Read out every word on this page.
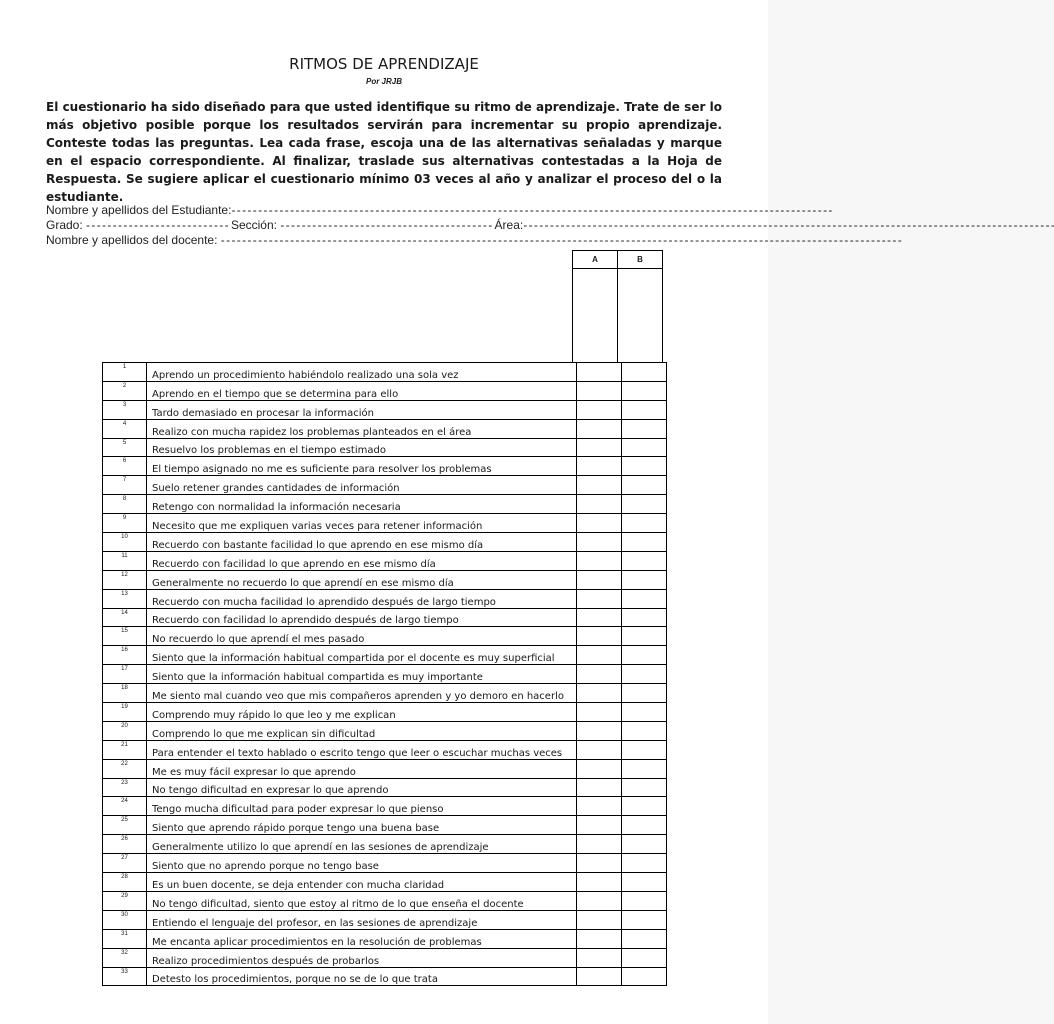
RITMOS DE APRENDIZAJE
Por JRJB
El cuestionario ha sido diseñado para que usted identifique su ritmo de aprendizaje. Trate de ser lo más objetivo posible porque los resultados servirán para incrementar su propio aprendizaje. Conteste todas las preguntas. Lea cada frase, escoja una de las alternativas señaladas y marque en el espacio correspondiente. Al finalizar, traslade sus alternativas contestadas a la Hoja de Respuesta. Se sugiere aplicar el cuestionario mínimo 03 veces al año y analizar el proceso del o la estudiante.
Nombre y apellidos del Estudiante:- - - - - - - - - - - - - - - - - - - - - - - - - - - - - - - - - - - - - - - - - - - - - - - - - - - - - - - - - - - - - - - - - - - - - - - - - - - - - - - - - - - - - - - - - - - - - - - - - - - - - - - - - - - - - - - - -
Grado: - - - - - - - - - - - - - - - - - - - - - - - - - - - Sección: - - - - - - - - - - - - - - - - - - - - - - - - - - - - - - - - - - - - - - - - Área:- - - - - - - - - - - - - - - - - - - - - - - - - - - - - - - - - - - - - - - - - - - - - - - - - - - - - - - - - - - - - - - - - - - - - - - - - - - - - - - - - - - - - - - - - - - - - - - - - - - -
Nombre y apellidos del docente: - - - - - - - - - - - - - - - - - - - - - - - - - - - - - - - - - - - - - - - - - - - - - - - - - - - - - - - - - - - - - - - - - - - - - - - - - - - - - - - - - - - - - - - - - - - - - - - - - - - - - - - - - - - - - - - - - - - - - - - - - - - - - - - -
A	B

1	Aprendo un procedimiento habiéndolo realizado una sola vez		
2	Aprendo en el tiempo que se determina para ello		
3	Tardo demasiado en procesar la información		
4	Realizo con mucha rapidez los problemas planteados en el área		
5	Resuelvo los problemas en el tiempo estimado		
6	El tiempo asignado no me es suficiente para resolver los problemas		
7	Suelo retener grandes cantidades de información		
8	Retengo con normalidad la información necesaria		
9	Necesito que me expliquen varias veces para retener información		
10	Recuerdo con bastante facilidad lo que aprendo en ese mismo día		
11	Recuerdo con facilidad lo que aprendo en ese mismo día		
12	Generalmente no recuerdo lo que aprendí en ese mismo día		
13	Recuerdo con mucha facilidad lo aprendido después de largo tiempo		
14	Recuerdo con facilidad lo aprendido después de largo tiempo		
15	No recuerdo lo que aprendí el mes pasado		
16	Siento que la información habitual compartida por el docente es muy superficial		
17	Siento que la información habitual compartida es muy importante		
18	Me siento mal cuando veo que mis compañeros aprenden y yo demoro en hacerlo		
19	Comprendo muy rápido lo que leo y me explican		
20	Comprendo lo que me explican sin dificultad		
21	Para entender el texto hablado o escrito tengo que leer o escuchar muchas veces		
22	Me es muy fácil expresar lo que aprendo		
23	No tengo dificultad en expresar lo que aprendo		
24	Tengo mucha dificultad para poder expresar lo que pienso		
25	Siento que aprendo rápido porque tengo una buena base		
26	Generalmente utilizo lo que aprendí en las sesiones de aprendizaje		
27	Siento que no aprendo porque no tengo base		
28	Es un buen docente, se deja entender con mucha claridad		
29	No tengo dificultad, siento que estoy al ritmo de lo que enseña el docente		
30	Entiendo el lenguaje del profesor, en las sesiones de aprendizaje		
31	Me encanta aplicar procedimientos en la resolución de problemas		
32	Realizo procedimientos después de probarlos		
33	Detesto los procedimientos, porque no se de lo que trata		
